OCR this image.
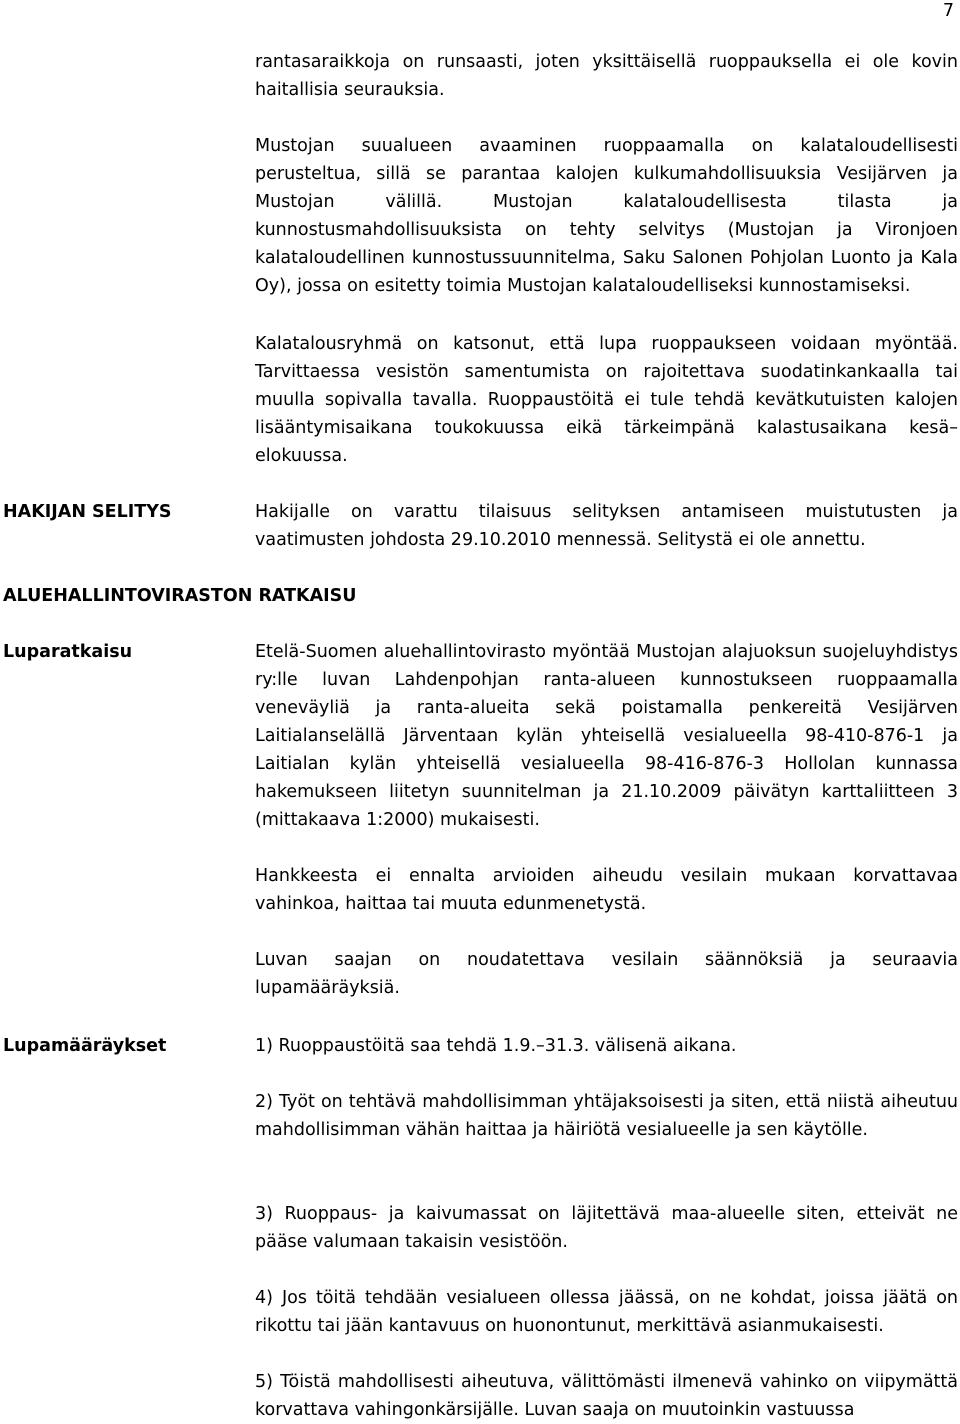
7

rantasaraikkoja on runsaasti, joten yksittäisellä ruoppauksella ei ole kovin haitallisia seurauksia.

Mustojan suualueen avaaminen ruoppaamalla on kalataloudellisesti perusteltua, sillä se parantaa kalojen kulkumahdollisuuksia Vesijärven ja Mustojan välillä. Mustojan kalataloudellisesta tilasta ja kunnostusmahdollisuuksista on tehty selvitys (Mustojan ja Vironjoen kalataloudellinen kunnostussuunnitelma, Saku Salonen Pohjolan Luonto ja Kala Oy), jossa on esitetty toimia Mustojan kalataloudelliseksi kunnostamiseksi.

Kalatalousryhmä on katsonut, että lupa ruoppaukseen voidaan myöntää. Tarvittaessa vesistön samentumista on rajoitettava suodatinkankaalla tai muulla sopivalla tavalla. Ruoppaustöitä ei tule tehdä kevätkutuisten kalojen lisääntymisaikana toukokuussa eikä tärkeimpänä kalastusaikana kesä–elokuussa.

HAKIJAN SELITYS	Hakijalle on varattu tilaisuus selityksen antamiseen muistutusten ja vaatimusten johdosta 29.10.2010 mennessä. Selitystä ei ole annettu.

ALUEHALLINTOVIRASTON RATKAISU

Luparatkaisu	Etelä-Suomen aluehallintovirasto myöntää Mustojan alajuoksun suojeluyhdistys ry:lle luvan Lahdenpohjan ranta-alueen kunnostukseen ruoppaamalla veneväyliä ja ranta-alueita sekä poistamalla penkereitä Vesijärven Laitialanselällä Järventaan kylän yhteisellä vesialueella 98-410-876-1 ja Laitialan kylän yhteisellä vesialueella 98-416-876-3 Hollolan kunnassa hakemukseen liitetyn suunnitelman ja 21.10.2009 päivätyn karttaliitteen 3 (mittakaava 1:2000) mukaisesti.

Hankkeesta ei ennalta arvioiden aiheudu vesilain mukaan korvattavaa vahinkoa, haittaa tai muuta edunmenetystä.

Luvan saajan on noudatettava vesilain säännöksiä ja seuraavia lupamääräyksiä.

Lupamääräykset	1) Ruoppaustöitä saa tehdä 1.9.–31.3. välisenä aikana.

2) Työt on tehtävä mahdollisimman yhtäjaksoisesti ja siten, että niistä aiheutuu mahdollisimman vähän haittaa ja häiriötä vesialueelle ja sen käytölle.

3) Ruoppaus- ja kaivumassat on läjitettävä maa-alueelle siten, etteivät ne pääse valumaan takaisin vesistöön.

4) Jos töitä tehdään vesialueen ollessa jäässä, on ne kohdat, joissa jäätä on rikottu tai jään kantavuus on huonontunut, merkittävä asianmukaisesti.

5) Töistä mahdollisesti aiheutuva, välittömästi ilmenevä vahinko on viipymättä korvattava vahingonkärsijälle. Luvan saaja on muutoinkin vastuussa
